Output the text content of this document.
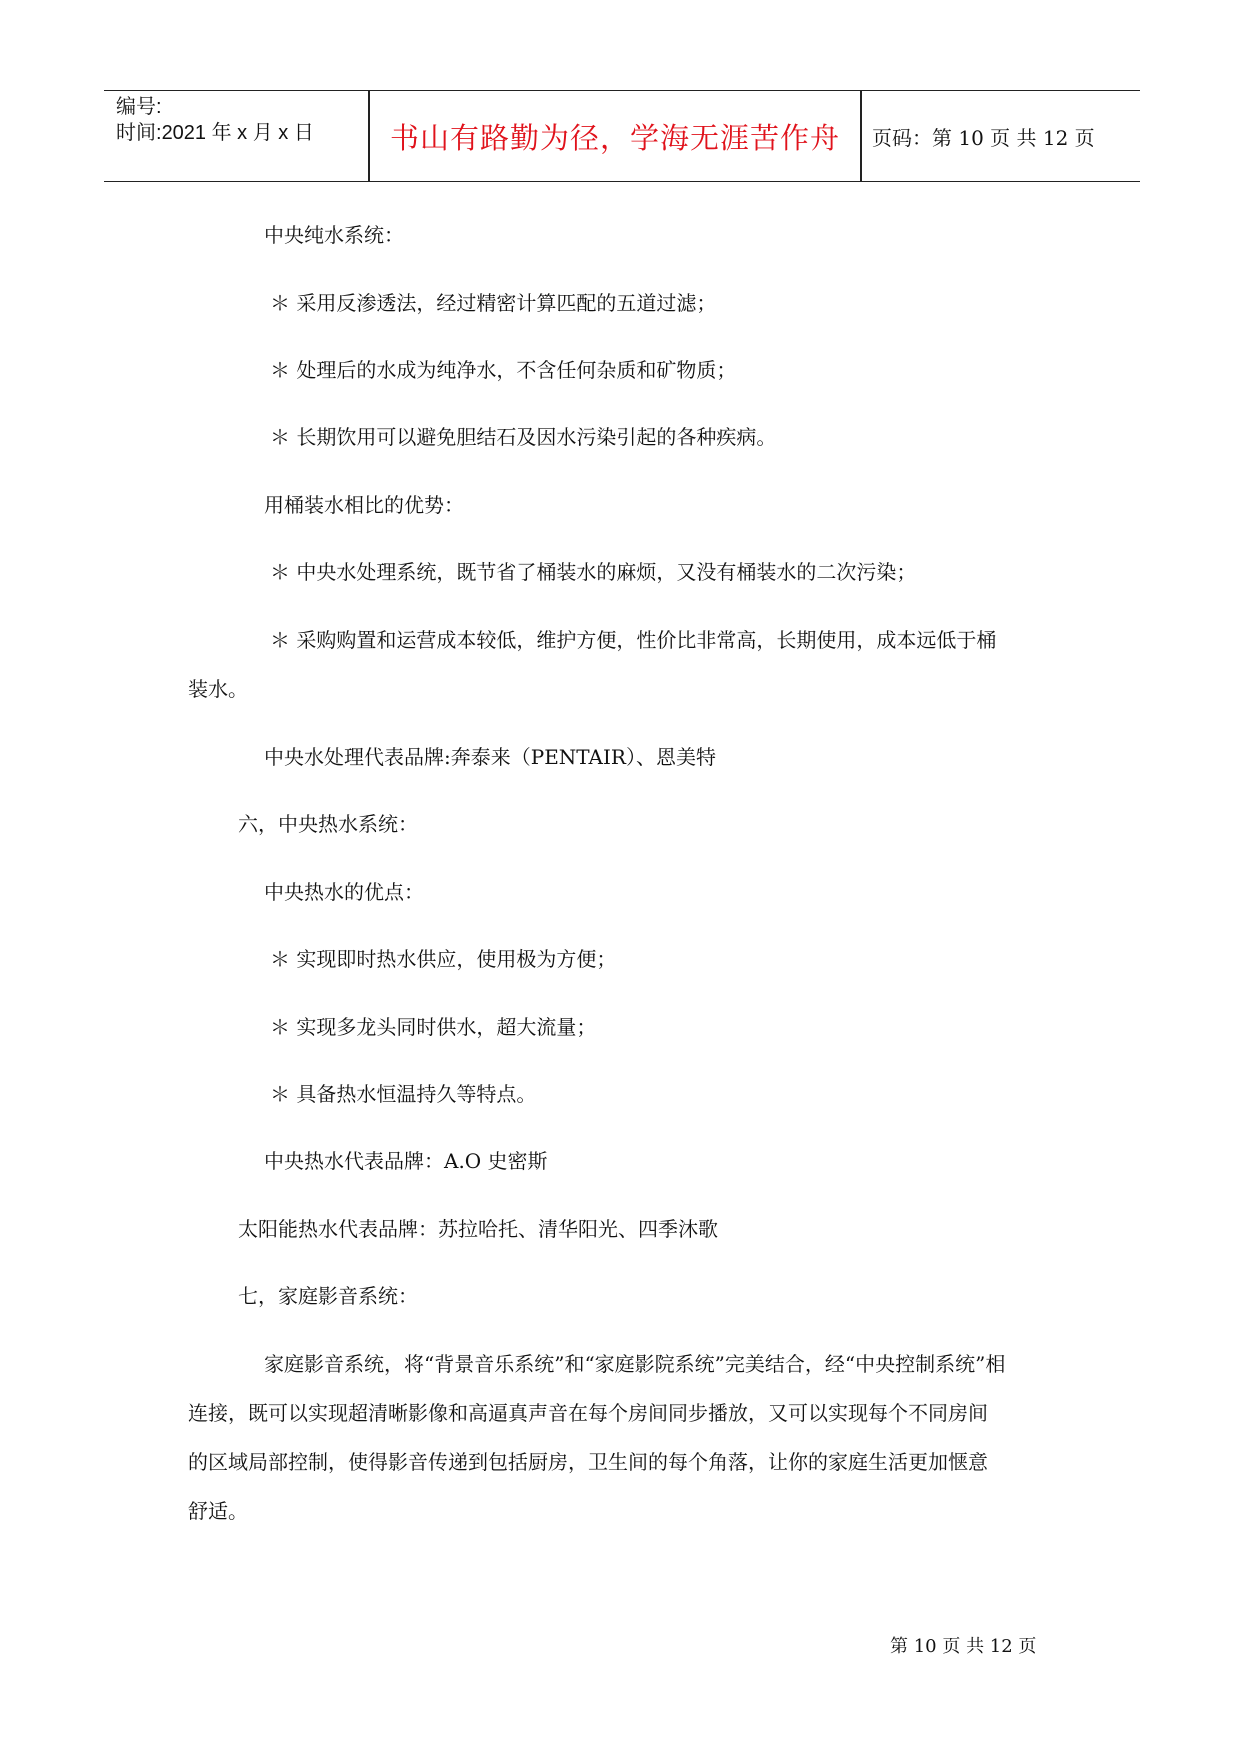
编号:
时间:2021 年 x 月 x 日	书山有路勤为径，学海无涯苦作舟	页码：第 10 页 共 12 页
中央纯水系统：
＊ 采用反渗透法，经过精密计算匹配的五道过滤；
＊ 处理后的水成为纯净水，不含任何杂质和矿物质；
＊ 长期饮用可以避免胆结石及因水污染引起的各种疾病。
用桶装水相比的优势：
＊ 中央水处理系统，既节省了桶装水的麻烦，又没有桶装水的二次污染；
＊ 采购购置和运营成本较低，维护方便，性价比非常高，长期使用，成本远低于桶
装水。
中央水处理代表品牌:奔泰来（PENTAIR）、恩美特
六，中央热水系统：
中央热水的优点：
＊ 实现即时热水供应，使用极为方便；
＊ 实现多龙头同时供水，超大流量；
＊ 具备热水恒温持久等特点。
中央热水代表品牌：A.O 史密斯
太阳能热水代表品牌：苏拉哈托、清华阳光、四季沐歌
七，家庭影音系统：
家庭影音系统，将“背景音乐系统”和“家庭影院系统”完美结合，经“中央控制系统”相
连接，既可以实现超清晰影像和高逼真声音在每个房间同步播放，又可以实现每个不同房间
的区域局部控制，使得影音传递到包括厨房，卫生间的每个角落，让你的家庭生活更加惬意
舒适。
第 10 页 共 12 页
